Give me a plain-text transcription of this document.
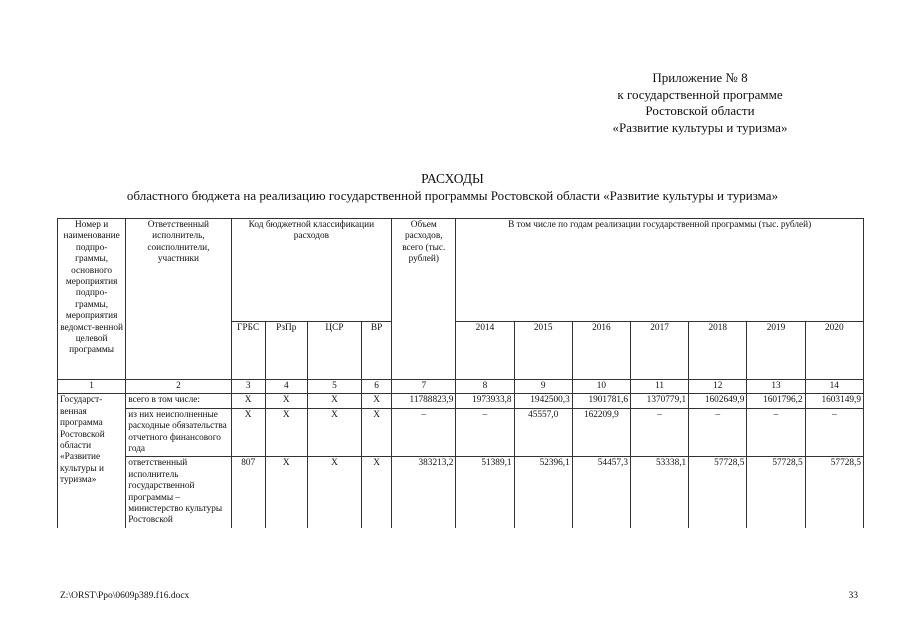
Приложение № 8
к государственной программе
Ростовской области
«Развитие культуры и туризма»
РАСХОДЫ
областного бюджета на реализацию государственной программы Ростовской области «Развитие культуры и туризма»
Номер и наименование подпро-граммы, основного мероприятия подпро-граммы, мероприятия ведомст-венной целевой программы	Ответственный исполнитель, соисполнители, участники	Код бюджетной классификации расходов				Объем расходов, всего (тыс. рублей)	В том числе по годам реализации государственной программы (тыс. рублей)						
		ГРБС	РзПр	ЦСР	ВР		2014	2015	2016	2017	2018	2019	2020
1	2	3	4	5	6	7	8	9	10	11	12	13	14
Государст-венная программа Ростовской области «Развитие культуры и туризма»	всего в том числе:	Х	Х	Х	Х	11788823,9	1973933,8	1942500,3	1901781,6	1370779,1	1602649,9	1601796,2	1603149,9
	из них неисполненные расходные обязательства отчетного финансового года	Х	Х	Х	Х	–	–	45557,0	162209,9	–	–	–	–
	ответственный исполнитель государственной программы – министерство культуры Ростовской	807	Х	Х	Х	383213,2	51389,1	52396,1	54457,3	53338,1	57728,5	57728,5	57728,5
Z:\ORST\Ppo\0609p389.f16.docx	33
